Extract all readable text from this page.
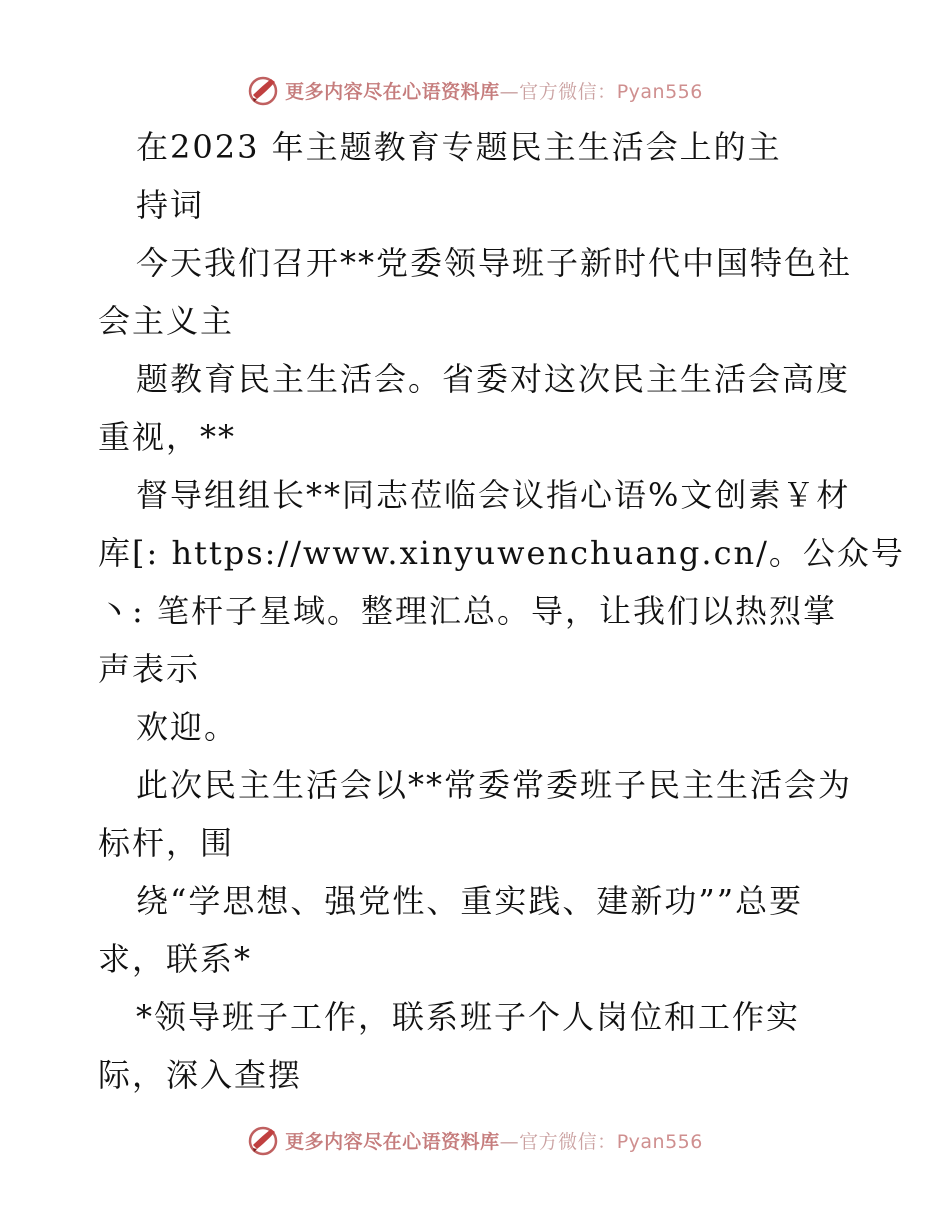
更多内容尽在心语资料库—官方微信：Pyan556
在2023 年主题教育专题民主生活会上的主
持词
今天我们召开**党委领导班子新时代中国特色社
会主义主
题教育民主生活会。省委对这次民主生活会高度
重视，**
督导组组长**同志莅临会议指心语%文创素￥材
库[: https://www.xinyuwenchuang.cn/。公众号
丶: 笔杆子星域。整理汇总。导，让我们以热烈掌
声表示
欢迎。
此次民主生活会以**常委常委班子民主生活会为
标杆，围
绕“学思想、强党性、重实践、建新功””总要
求，联系*
*领导班子工作，联系班子个人岗位和工作实
际，深入查摆
更多内容尽在心语资料库—官方微信：Pyan556
